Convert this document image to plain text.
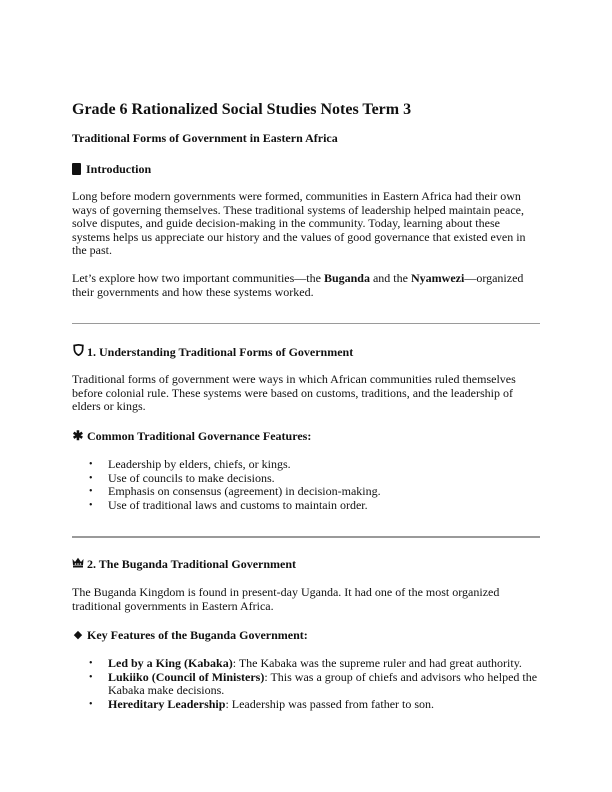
Grade 6 Rationalized Social Studies Notes Term 3
Traditional Forms of Government in Eastern Africa
Introduction
Long before modern governments were formed, communities in Eastern Africa had their own
ways of governing themselves. These traditional systems of leadership helped maintain peace,
solve disputes, and guide decision-making in the community. Today, learning about these
systems helps us appreciate our history and the values of good governance that existed even in
the past.
Let’s explore how two important communities—the Buganda and the Nyamwezi—organized
their governments and how these systems worked.
1. Understanding Traditional Forms of Government
Traditional forms of government were ways in which African communities ruled themselves
before colonial rule. These systems were based on customs, traditions, and the leadership of
elders or kings.
✱ Common Traditional Governance Features:
• Leadership by elders, chiefs, or kings.
• Use of councils to make decisions.
• Emphasis on consensus (agreement) in decision-making.
• Use of traditional laws and customs to maintain order.
2. The Buganda Traditional Government
The Buganda Kingdom is found in present-day Uganda. It had one of the most organized
traditional governments in Eastern Africa.
◆ Key Features of the Buganda Government:
• Led by a King (Kabaka): The Kabaka was the supreme ruler and had great authority.
• Lukiiko (Council of Ministers): This was a group of chiefs and advisors who helped the
Kabaka make decisions.
• Hereditary Leadership: Leadership was passed from father to son.
